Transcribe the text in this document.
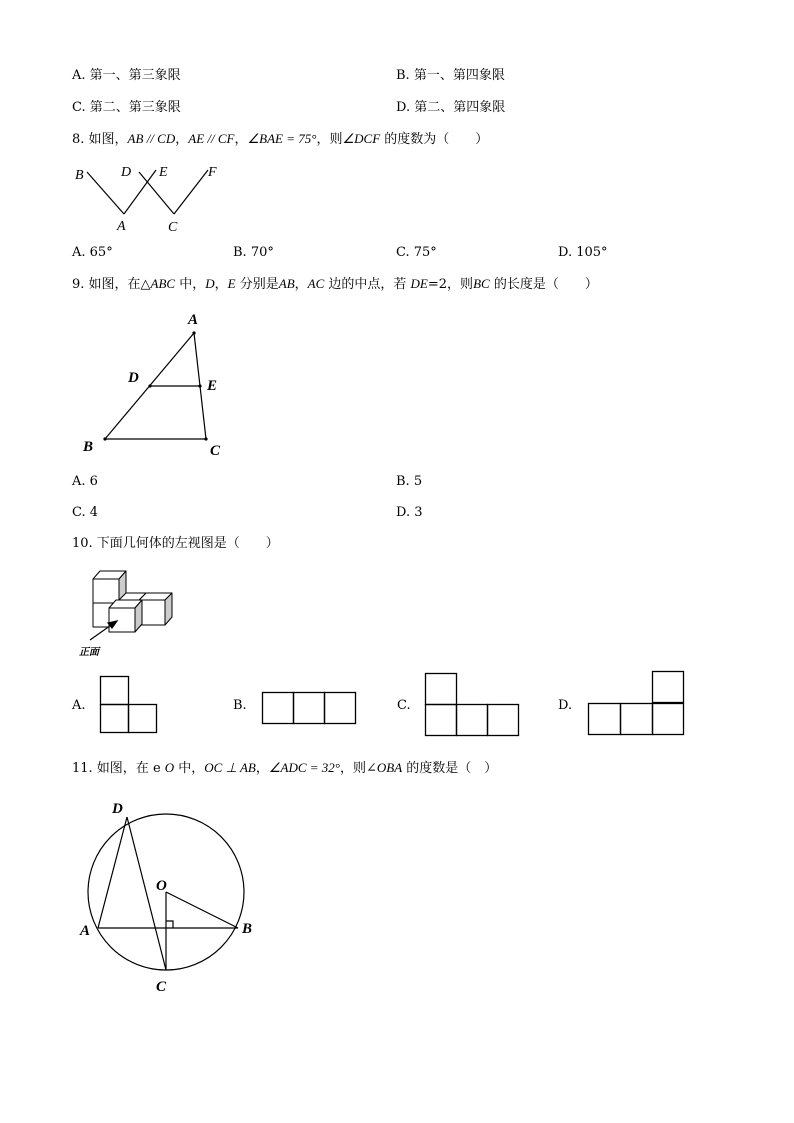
A. 第一、第三象限	B. 第一、第四象限
C. 第二、第三象限	D. 第二、第四象限
8. 如图，AB // CD，AE // CF，∠BAE = 75°，则∠DCF 的度数为（　　）
B	D E	F
A	C
A. 65°	B. 70°	C. 75°	D. 105°
9. 如图，在△ABC 中，D，E 分别是AB，AC 边的中点，若 DE=2，则BC 的长度是（　　）
A
D	E
B	C
A. 6	B. 5
C. 4	D. 3
10. 下面几何体的左视图是（　　）
正面
A.	B.	C.	D.
11. 如图，在 e O 中，OC ⊥ AB，∠ADC = 32°，则∠OBA 的度数是（　）
D
O
A	B
C
